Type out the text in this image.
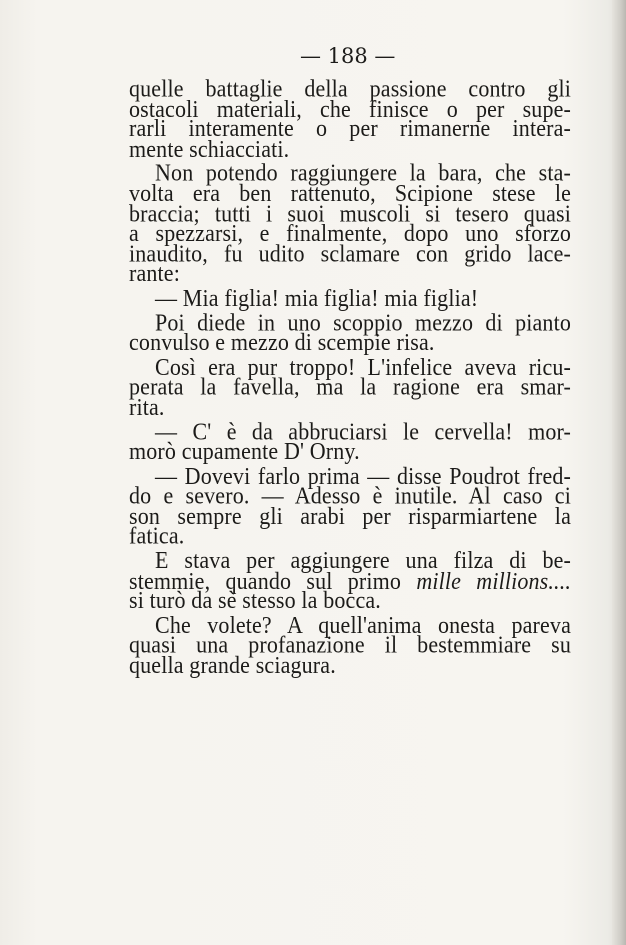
— 188 —
quelle battaglie della passione contro gli
ostacoli materiali, che finisce o per supe-
rarli interamente o per rimanerne intera-
mente schiacciati.
Non potendo raggiungere la bara, che sta-
volta era ben rattenuto, Scipione stese le
braccia; tutti i suoi muscoli si tesero quasi
a spezzarsi, e finalmente, dopo uno sforzo
inaudito, fu udito sclamare con grido lace-
rante:
— Mia figlia! mia figlia! mia figlia!
Poi diede in uno scoppio mezzo di pianto
convulso e mezzo di scempie risa.
Così era pur troppo! L'infelice aveva ricu-
perata la favella, ma la ragione era smar-
rita.
— C' è da abbruciarsi le cervella! mor-
morò cupamente D' Orny.
— Dovevi farlo prima — disse Poudrot fred-
do e severo. — Adesso è inutile. Al caso ci
son sempre gli arabi per risparmiartene la
fatica.
E stava per aggiungere una filza di be-
stemmie, quando sul primo mille millions....
si turò da sè stesso la bocca.
Che volete? A quell'anima onesta pareva
quasi una profanazione il bestemmiare su
quella grande sciagura.
